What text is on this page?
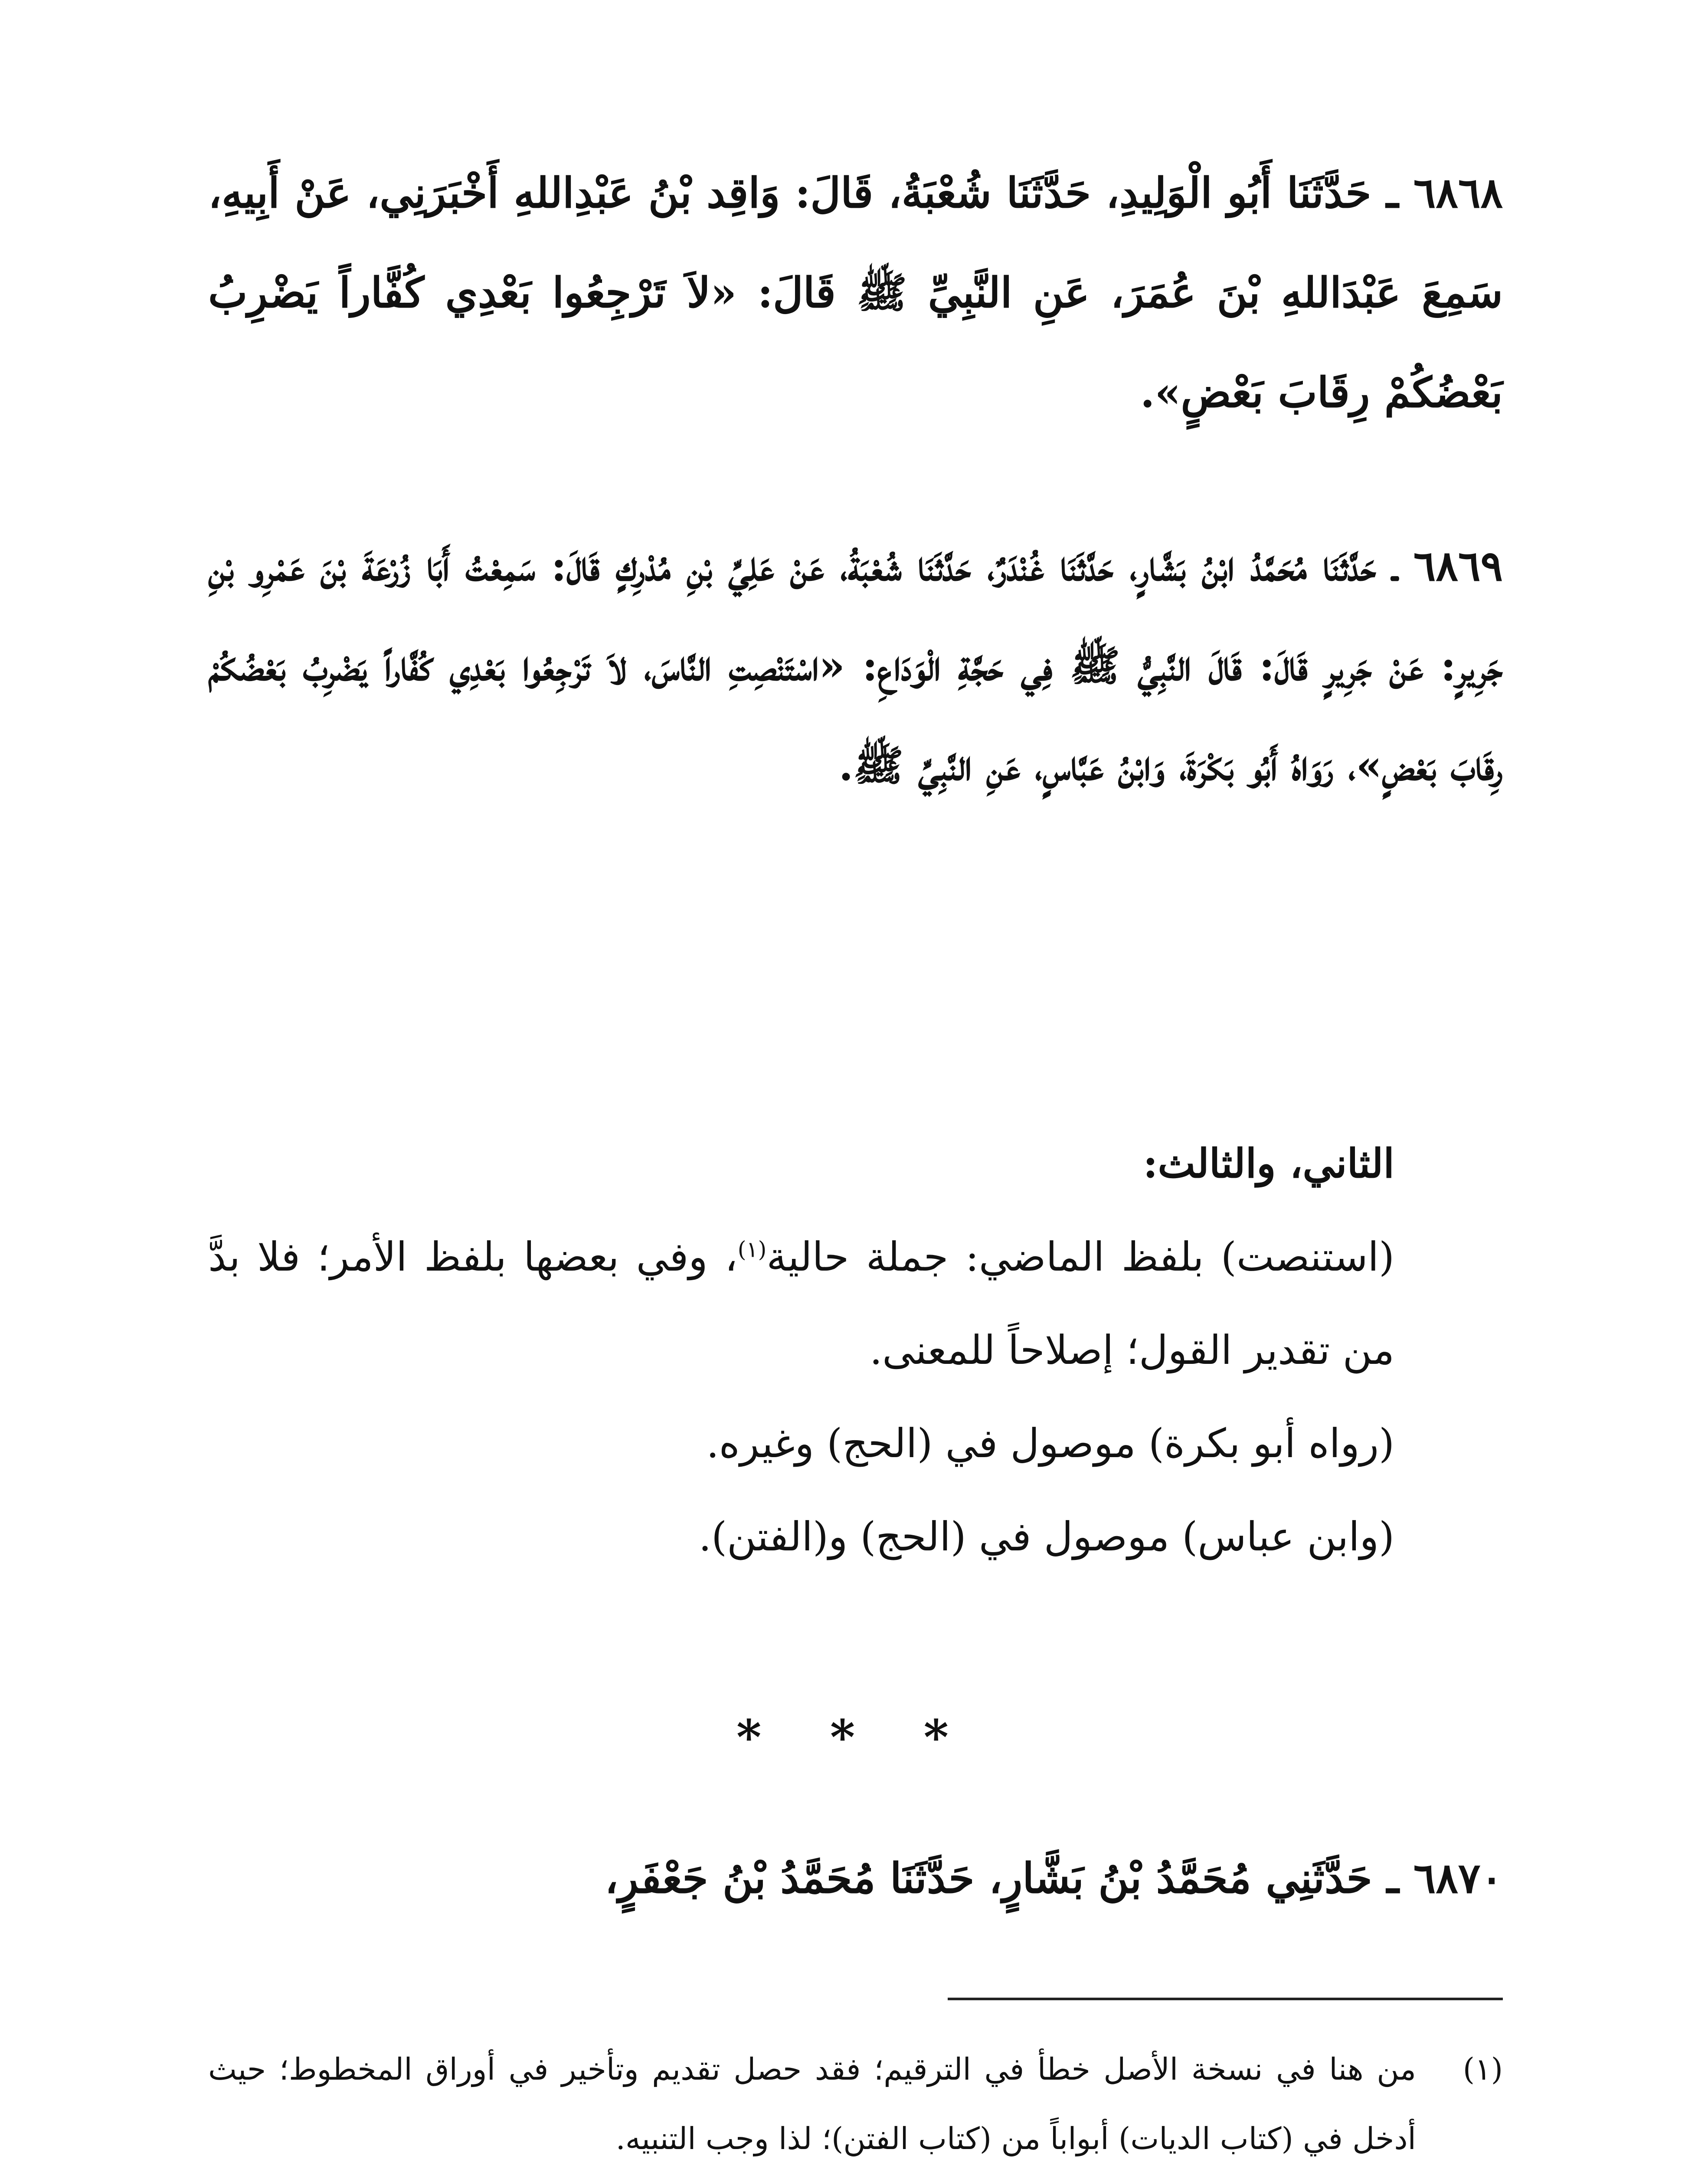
٦٨٦٨ ـ حَدَّثَنَا أَبُو الْوَلِيدِ، حَدَّثَنَا شُعْبَةُ، قَالَ: وَاقِد بْنُ عَبْدِاللهِ أَخْبَرَنِي، عَنْ أَبِيهِ، سَمِعَ عَبْدَاللهِ بْنَ عُمَرَ، عَنِ النَّبِيِّ ﷺ قَالَ: «لاَ تَرْجِعُوا بَعْدِي كُفَّاراً يَضْرِبُ بَعْضُكُمْ رِقَابَ بَعْضٍ».

٦٨٦٩ ـ حَدَّثَنَا مُحَمَّدُ ابْنُ بَشَّارٍ، حَدَّثَنَا غُنْدَرٌ، حَدَّثَنَا شُعْبَةُ، عَنْ عَلِيِّ بْنِ مُدْرِكٍ قَالَ: سَمِعْتُ أَبَا زُرْعَةَ بْنَ عَمْرِو بْنِ جَرِيرٍ: عَنْ جَرِيرٍ قَالَ: قَالَ النَّبِيُّ ﷺ فِي حَجَّةِ الْوَدَاعِ: «اسْتَنْصِتِ النَّاسَ، لاَ تَرْجِعُوا بَعْدِي كُفَّاراً يَضْرِبُ بَعْضُكُمْ رِقَابَ بَعْضٍ»، رَوَاهُ أَبُو بَكْرَةَ، وَابْنُ عَبَّاسٍ، عَنِ النَّبِيِّ ﷺ.

الثاني، والثالث:

(استنصت) بلفظ الماضي: جملة حالية$^{(١)}$، وفي بعضها بلفظ الأمر؛ فلا بدَّ من تقدير القول؛ إصلاحاً للمعنى.

(رواه أبو بكرة) موصول في (الحج) وغيره.

(وابن عباس) موصول في (الحج) و(الفتن).

* * *

٦٨٧٠ ـ حَدَّثَنِي مُحَمَّدُ بْنُ بَشَّارٍ، حَدَّثَنَا مُحَمَّدُ بْنُ جَعْفَرٍ،

(١)
من هنا في نسخة الأصل خطأ في الترقيم؛ فقد حصل تقديم وتأخير في أوراق المخطوط؛ حيث أدخل في (كتاب الديات) أبواباً من (كتاب الفتن)؛ لذا وجب التنبيه.
